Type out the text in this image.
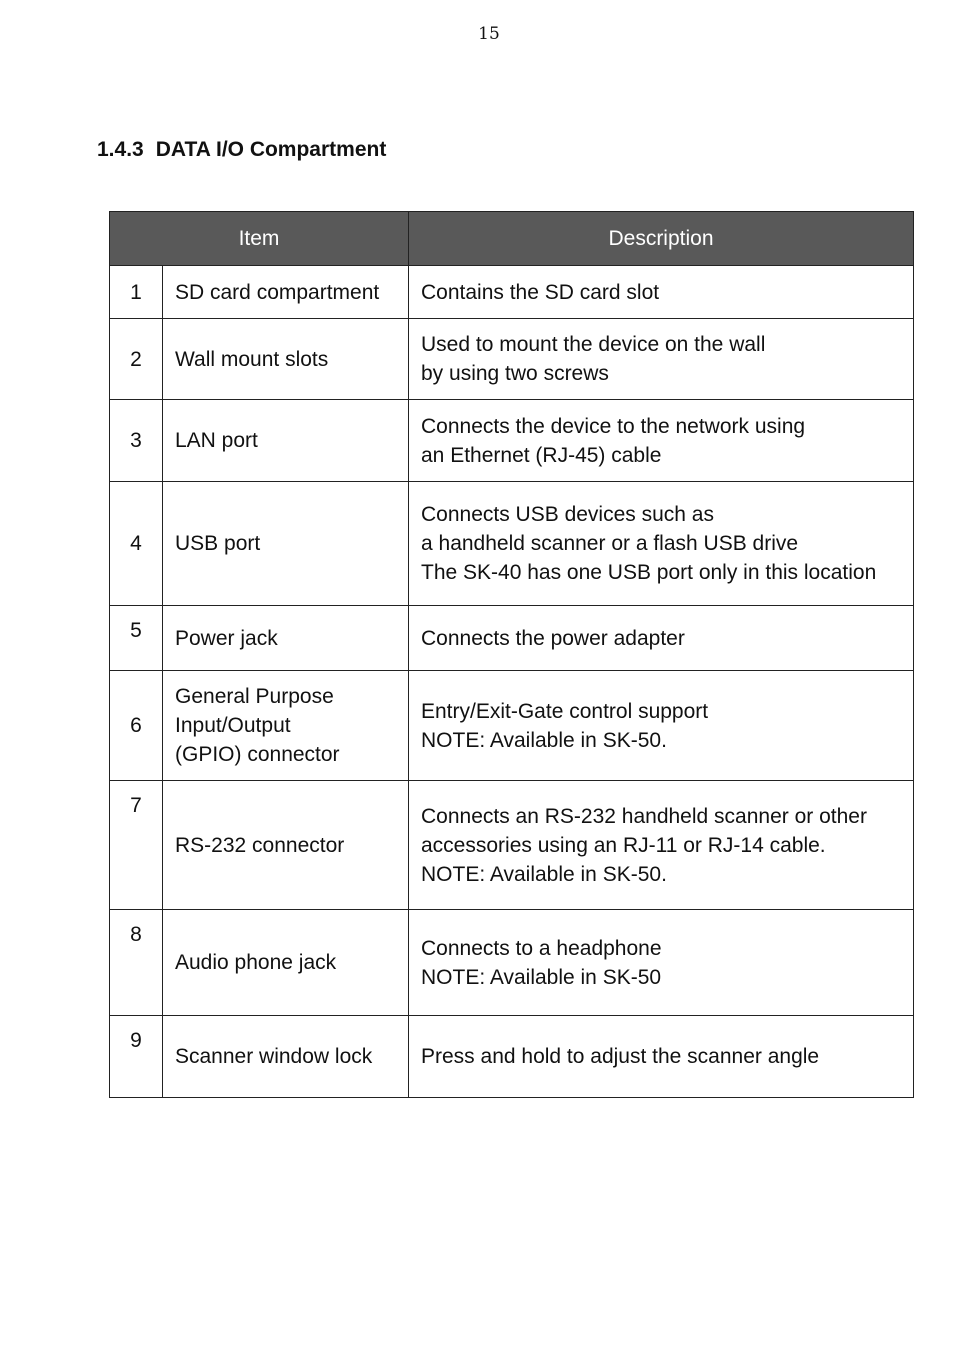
15
1.4.3 DATA I/O Compartment
Item		Description
1	SD card compartment	Contains the SD card slot

2	Wall mount slots	Used to mount the device on the wall
by using two screws

3	LAN port	Connects the device to the network using
an Ethernet (RJ-45) cable

4	USB port	Connects USB devices such as
a handheld scanner or a flash USB drive
The SK-40 has one USB port only in this location

5	Power jack	Connects the power adapter

6	General Purpose
Input/Output
(GPIO) connector	Entry/Exit-Gate control support
NOTE: Available in SK-50.

7	RS-232 connector	Connects an RS-232 handheld scanner or other
accessories using an RJ-11 or RJ-14 cable.
NOTE: Available in SK-50.

8	Audio phone jack	Connects to a headphone
NOTE: Available in SK-50

9	Scanner window lock	Press and hold to adjust the scanner angle
